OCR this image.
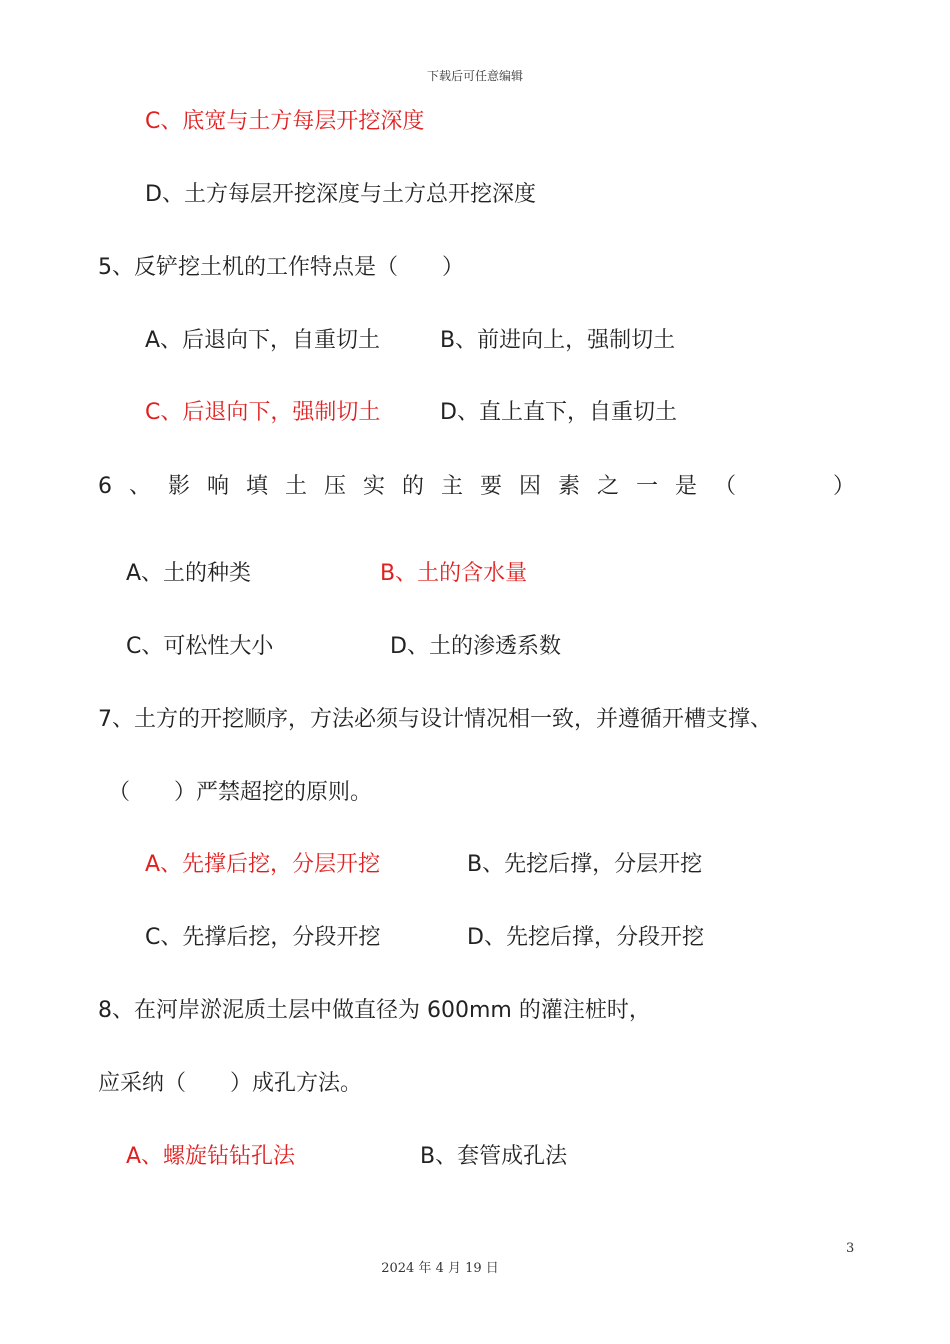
下载后可任意编辑
C、底宽与土方每层开挖深度
D、土方每层开挖深度与土方总开挖深度
5、反铲挖土机的工作特点是（　　）
A、后退向下，自重切土	B、前进向上，强制切土
C、后退向下，强制切土	D、直上直下，自重切土
6、影响填土压实的主要因素之一是（	）
A、土的种类	B、土的含水量
C、可松性大小	D、土的渗透系数
7、土方的开挖顺序，方法必须与设计情况相一致，并遵循开槽支撑、
（　　）严禁超挖的原则。
A、先撑后挖，分层开挖	B、先挖后撑，分层开挖
C、先撑后挖，分段开挖	D、先挖后撑，分段开挖
8、在河岸淤泥质土层中做直径为 600mm 的灌注桩时，
应采纳（　　）成孔方法。
A、螺旋钻钻孔法	B、套管成孔法
3
2024 年 4 月 19 日
